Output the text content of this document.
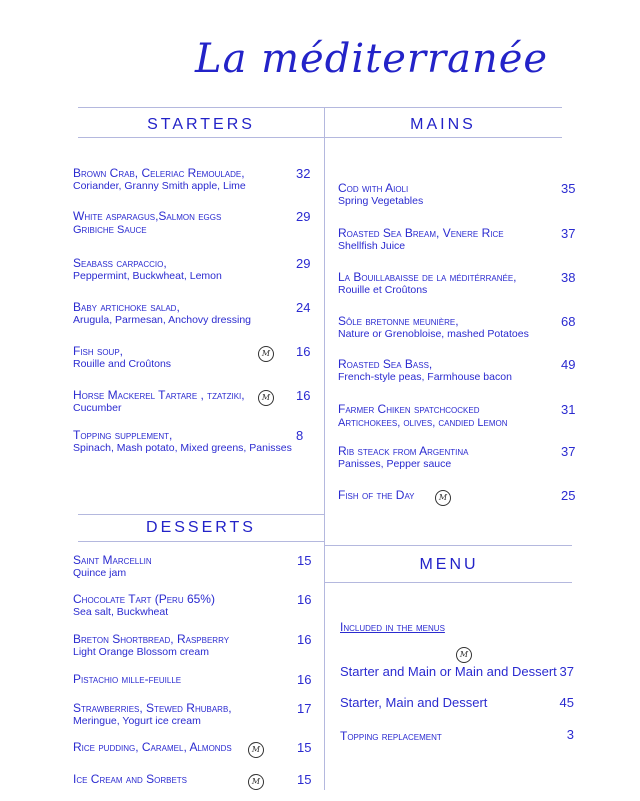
La méditerranée
STARTERS	MAINS
DESSERTS
MENU
Brown Crab, Celeriac Remoulade,
Coriander, Granny Smith apple, Lime
32
White asparagus,Salmon eggs
Gribiche Sauce
29
Seabass carpaccio,
Peppermint, Buckwheat, Lemon
29
Baby artichoke salad,
Arugula, Parmesan, Anchovy dressing
24
Fish soup,
Rouille and Croûtons
16
M
Horse Mackerel Tartare , tzatziki,
Cucumber
16
M
Topping supplement,
Spinach, Mash potato, Mixed greens, Panisses
8
Cod with Aioli
Spring Vegetables
35
Roasted Sea Bream, Venere Rice
Shellfish Juice
37
La Bouillabaisse de la méditérranée,
Rouille et Croûtons
38
Sôle bretonne meunière,
Nature or Grenobloise, mashed Potatoes
68
Roasted Sea Bass,
French-style peas, Farmhouse bacon
49
Farmer Chiken spatchcocked
Artichokees, olives, candied Lemon
31
Rib steack from Argentina
Panisses, Pepper sauce
37
Fish of the Day	25
M
Saint Marcellin
Quince jam
15
Chocolate Tart (Peru 65%)
Sea salt, Buckwheat
16
Breton Shortbread, Raspberry
Light Orange Blossom cream
16
Pistachio mille-feuille	16
Strawberries, Stewed Rhubarb,
Meringue, Yogurt ice cream
17
Rice pudding, Caramel, Almonds	15
M
Ice Cream and Sorbets	15
M
Included in the menus
M
Starter and Main or Main and Dessert 37
Starter, Main and Dessert	45
Topping replacement	3
